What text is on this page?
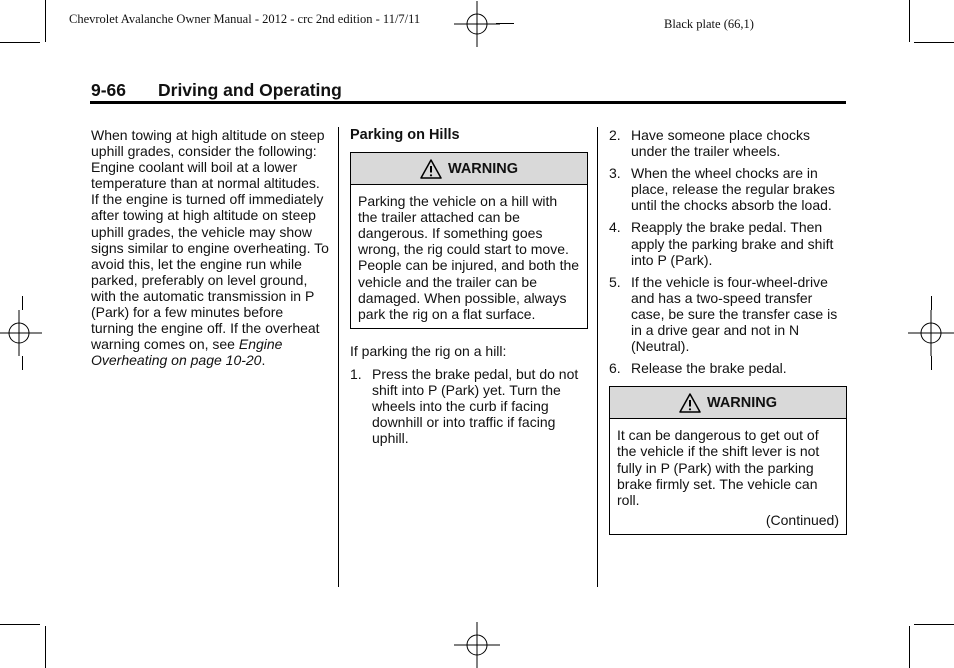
Chevrolet Avalanche Owner Manual - 2012 - crc 2nd edition - 11/7/11	Black plate (66,1)
9-66 Driving and Operating

When towing at high altitude on steep uphill grades, consider the following: Engine coolant will boil at a lower temperature than at normal altitudes. If the engine is turned off immediately after towing at high altitude on steep uphill grades, the vehicle may show signs similar to engine overheating. To avoid this, let the engine run while parked, preferably on level ground, with the automatic transmission in P (Park) for a few minutes before turning the engine off. If the overheat warning comes on, see Engine Overheating on page 10-20.

Parking on Hills
WARNING
Parking the vehicle on a hill with the trailer attached can be dangerous. If something goes wrong, the rig could start to move. People can be injured, and both the vehicle and the trailer can be damaged. When possible, always park the rig on a flat surface.

If parking the rig on a hill:

1. Press the brake pedal, but do not shift into P (Park) yet. Turn the wheels into the curb if facing downhill or into traffic if facing uphill.
2. Have someone place chocks under the trailer wheels.
3. When the wheel chocks are in place, release the regular brakes until the chocks absorb the load.
4. Reapply the brake pedal. Then apply the parking brake and shift into P (Park).
5. If the vehicle is four-wheel-drive and has a two-speed transfer case, be sure the transfer case is in a drive gear and not in N (Neutral).
6. Release the brake pedal.
WARNING
It can be dangerous to get out of the vehicle if the shift lever is not fully in P (Park) with the parking brake firmly set. The vehicle can roll.
(Continued)
